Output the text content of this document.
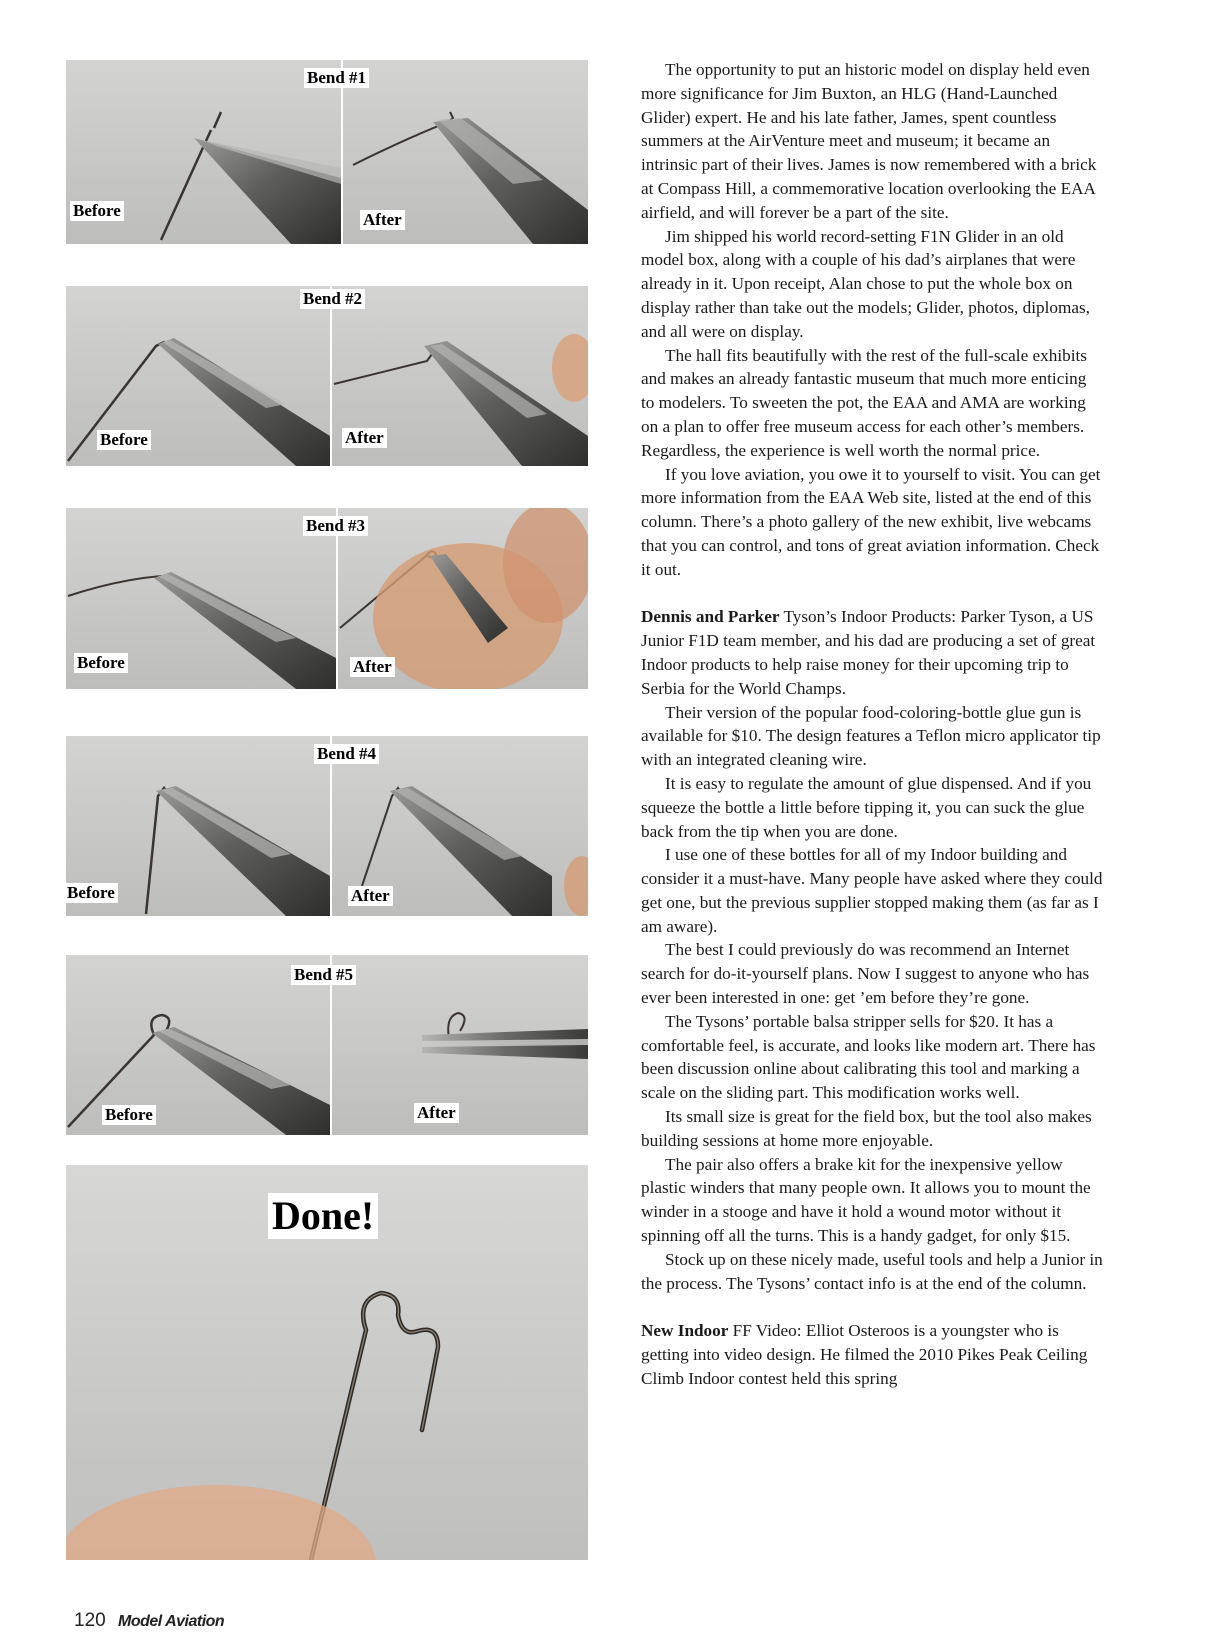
Bend #1
Before	After
Bend #2
Before	After
Bend #3
Before	After
Bend #4
Before	After
Bend #5
Before	After
Done!

The opportunity to put an historic model on display held even more significance for Jim Buxton, an HLG (Hand-Launched Glider) expert. He and his late father, James, spent countless summers at the AirVenture meet and museum; it became an intrinsic part of their lives. James is now remembered with a brick at Compass Hill, a commemorative location overlooking the EAA airfield, and will forever be a part of the site.

Jim shipped his world record-setting F1N Glider in an old model box, along with a couple of his dad’s airplanes that were already in it. Upon receipt, Alan chose to put the whole box on display rather than take out the models; Glider, photos, diplomas, and all were on display.

The hall fits beautifully with the rest of the full-scale exhibits and makes an already fantastic museum that much more enticing to modelers. To sweeten the pot, the EAA and AMA are working on a plan to offer free museum access for each other’s members. Regardless, the experience is well worth the normal price.

If you love aviation, you owe it to yourself to visit. You can get more information from the EAA Web site, listed at the end of this column. There’s a photo gallery of the new exhibit, live webcams that you can control, and tons of great aviation information. Check it out.

Dennis and Parker Tyson’s Indoor Products: Parker Tyson, a US Junior F1D team member, and his dad are producing a set of great Indoor products to help raise money for their upcoming trip to Serbia for the World Champs.

Their version of the popular food-coloring-bottle glue gun is available for $10. The design features a Teflon micro applicator tip with an integrated cleaning wire.

It is easy to regulate the amount of glue dispensed. And if you squeeze the bottle a little before tipping it, you can suck the glue back from the tip when you are done.

I use one of these bottles for all of my Indoor building and consider it a must-have. Many people have asked where they could get one, but the previous supplier stopped making them (as far as I am aware).

The best I could previously do was recommend an Internet search for do-it-yourself plans. Now I suggest to anyone who has ever been interested in one: get ’em before they’re gone.

The Tysons’ portable balsa stripper sells for $20. It has a comfortable feel, is accurate, and looks like modern art. There has been discussion online about calibrating this tool and marking a scale on the sliding part. This modification works well.

Its small size is great for the field box, but the tool also makes building sessions at home more enjoyable.

The pair also offers a brake kit for the inexpensive yellow plastic winders that many people own. It allows you to mount the winder in a stooge and have it hold a wound motor without it spinning off all the turns. This is a handy gadget, for only $15.

Stock up on these nicely made, useful tools and help a Junior in the process. The Tysons’ contact info is at the end of the column.

New Indoor FF Video: Elliot Osteroos is a youngster who is getting into video design. He filmed the 2010 Pikes Peak Ceiling Climb Indoor contest held this spring

120 Model Aviation
